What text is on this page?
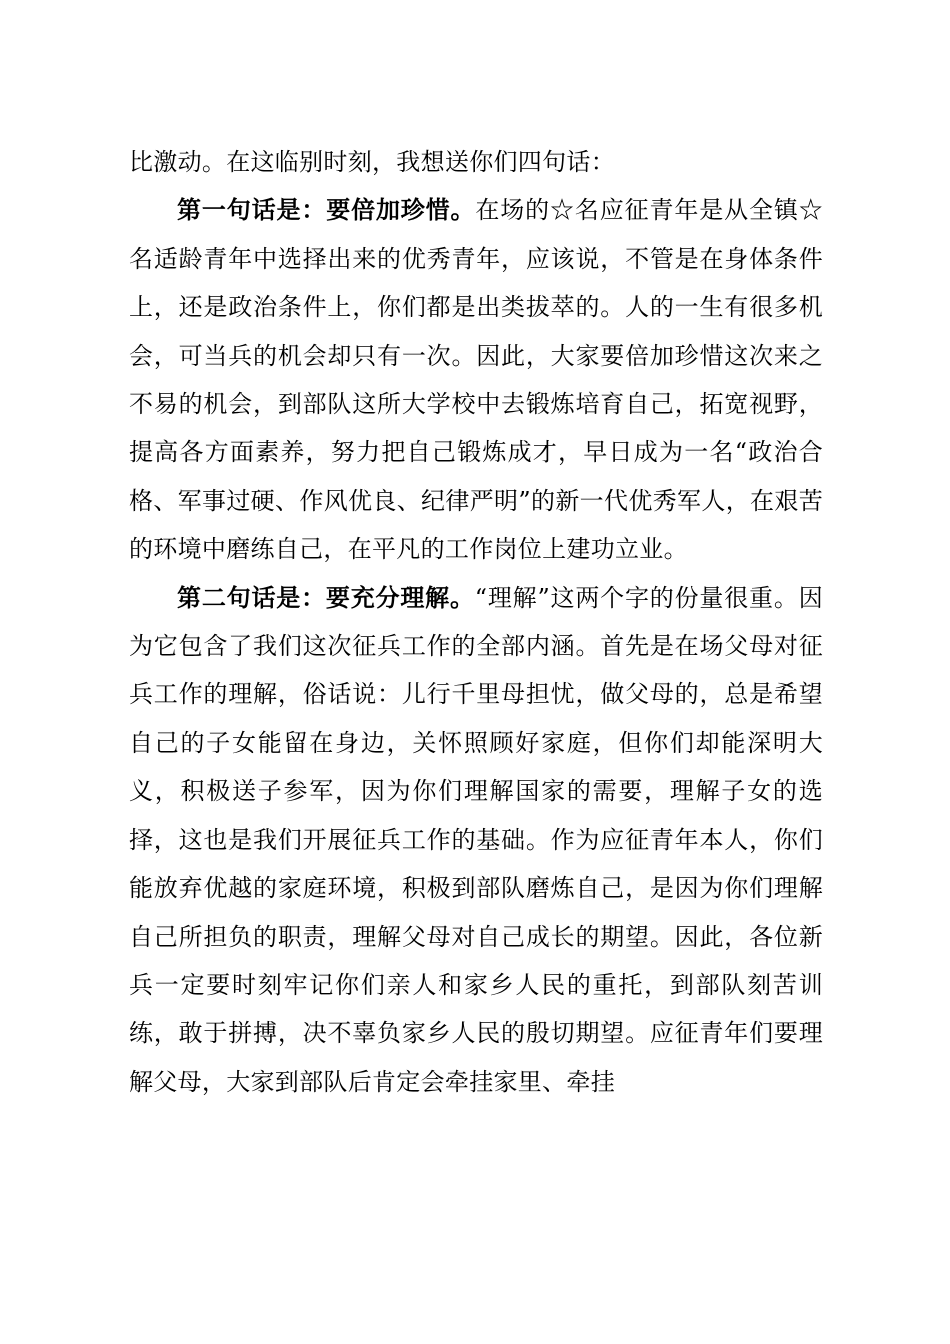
比激动。在这临别时刻，我想送你们四句话：

第一句话是：要倍加珍惜。在场的☆名应征青年是从全镇☆名适龄青年中选择出来的优秀青年，应该说，不管是在身体条件上，还是政治条件上，你们都是出类拔萃的。人的一生有很多机会，可当兵的机会却只有一次。因此，大家要倍加珍惜这次来之不易的机会，到部队这所大学校中去锻炼培育自己，拓宽视野，提高各方面素养，努力把自己锻炼成才，早日成为一名“政治合格、军事过硬、作风优良、纪律严明”的新一代优秀军人，在艰苦的环境中磨练自己，在平凡的工作岗位上建功立业。

第二句话是：要充分理解。“理解”这两个字的份量很重。因为它包含了我们这次征兵工作的全部内涵。首先是在场父母对征兵工作的理解，俗话说：儿行千里母担忧，做父母的，总是希望自己的子女能留在身边，关怀照顾好家庭，但你们却能深明大义，积极送子参军，因为你们理解国家的需要，理解子女的选择，这也是我们开展征兵工作的基础。作为应征青年本人，你们能放弃优越的家庭环境，积极到部队磨炼自己，是因为你们理解自己所担负的职责，理解父母对自己成长的期望。因此，各位新兵一定要时刻牢记你们亲人和家乡人民的重托，到部队刻苦训练，敢于拼搏，决不辜负家乡人民的殷切期望。应征青年们要理解父母，大家到部队后肯定会牵挂家里、牵挂
